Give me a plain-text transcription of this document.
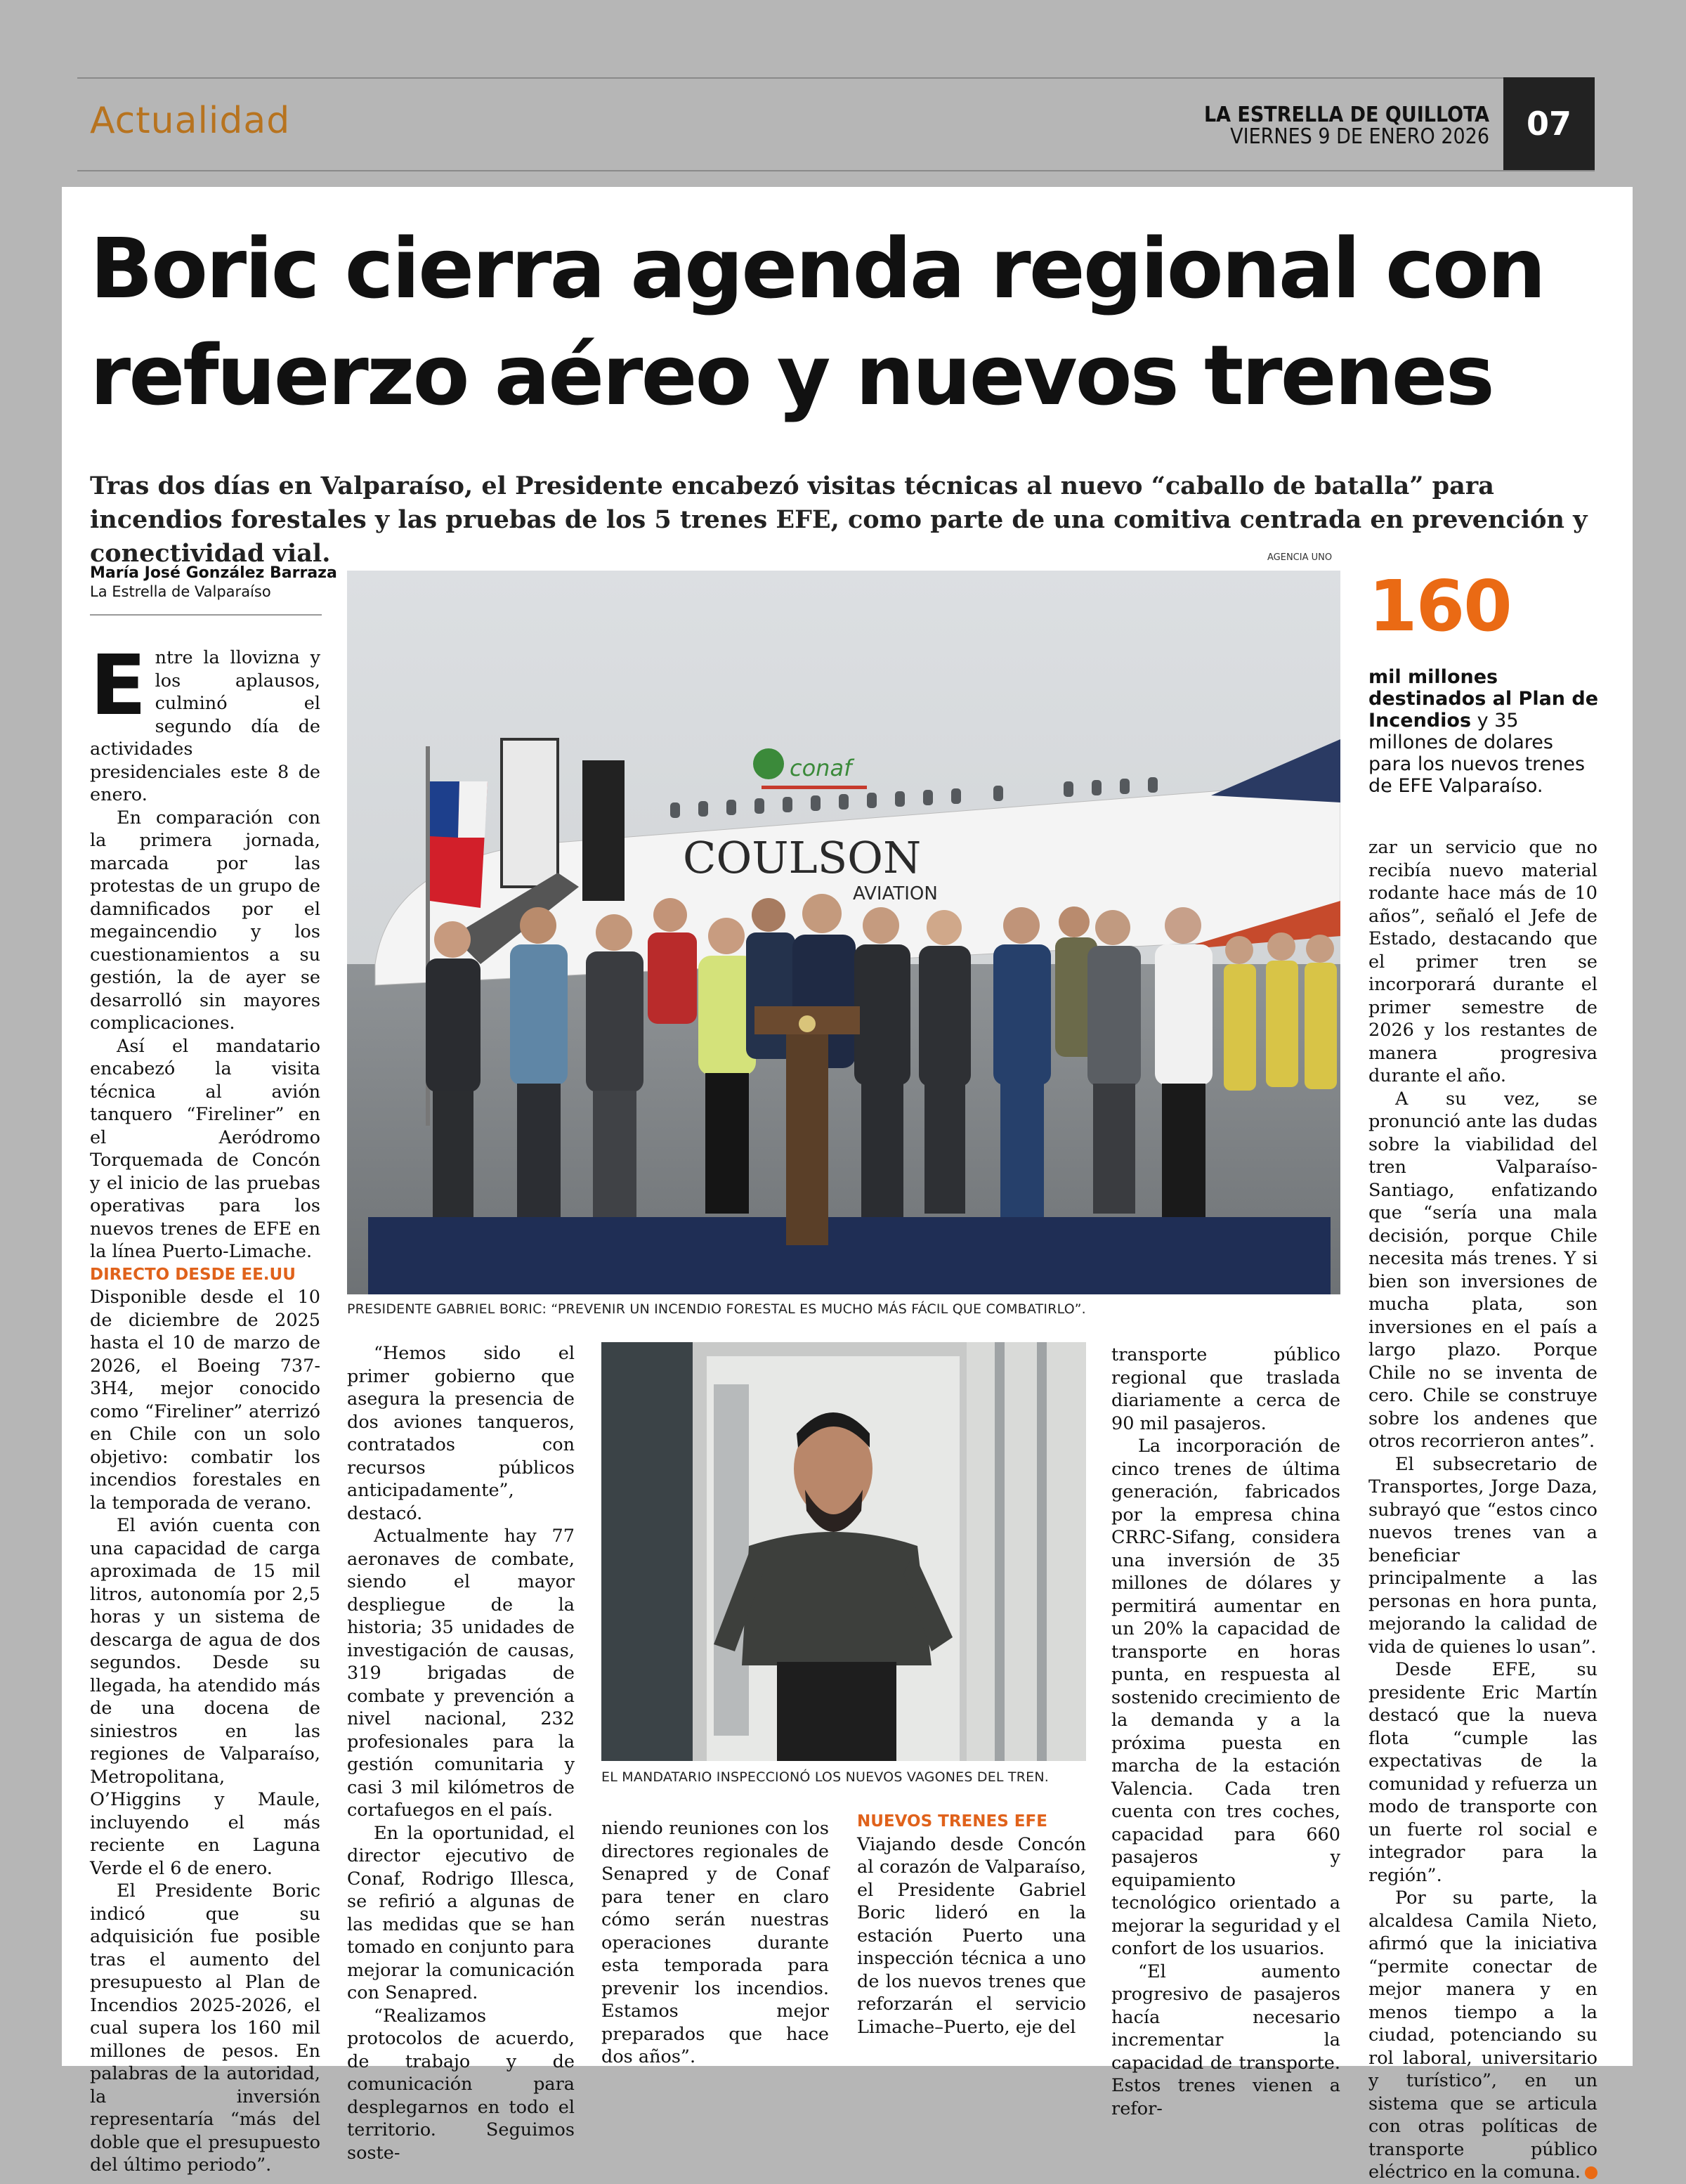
Actualidad	LA ESTRELLA DE QUILLOTA
VIERNES 9 DE ENERO 2026	07
Boric cierra agenda regional con
refuerzo aéreo y nuevos trenes
Tras dos días en Valparaíso, el Presidente encabezó visitas técnicas al nuevo “caballo de batalla” para incendios forestales y las pruebas de los 5 trenes EFE, como parte de una comitiva centrada en prevención y conectividad vial.
María José González Barraza
La Estrella de Valparaíso
AGENCIA UNO
160
mil millones destinados al Plan de Incendios y 35 millones de dolares para los nuevos trenes de EFE Valparaíso.
COULSON
AVIATION
conaf
PRESIDENTE GABRIEL BORIC: “PREVENIR UN INCENDIO FORESTAL ES MUCHO MÁS FÁCIL QUE COMBATIRLO”.
EL MANDATARIO INSPECCIONÓ LOS NUEVOS VAGONES DEL TREN.

Entre la llovizna y los aplausos, culminó el segundo día de actividades presidenciales este 8 de enero.

En comparación con la primera jornada, marcada por las protestas de un grupo de damnificados por el megaincendio y los cuestionamientos a su gestión, la de ayer se desarrolló sin mayores complicaciones.

Así el mandatario encabezó la visita técnica al avión tanquero “Fireliner” en el Aeródromo Torquemada de Concón y el inicio de las pruebas operativas para los nuevos trenes de EFE en la línea Puerto-Limache.

DIRECTO DESDE EE.UU

Disponible desde el 10 de diciembre de 2025 hasta el 10 de marzo de 2026, el Boeing 737-3H4, mejor conocido como “Fireliner” aterrizó en Chile con un solo objetivo: combatir los incendios forestales en la temporada de verano.

El avión cuenta con una capacidad de carga aproximada de 15 mil litros, autonomía por 2,5 horas y un sistema de descarga de agua de dos segundos. Desde su llegada, ha atendido más de una docena de siniestros en las regiones de Valparaíso, Metropolitana, O’Higgins y Maule, incluyendo el más reciente en Laguna Verde el 6 de enero.

El Presidente Boric indicó que su adquisición fue posible tras el aumento del presupuesto al Plan de Incendios 2025-2026, el cual supera los 160 mil millones de pesos. En palabras de la autoridad, la inversión representaría “más del doble que el presupuesto del último periodo”.

“Hemos sido el primer gobierno que asegura la presencia de dos aviones tanqueros, contratados con recursos públicos anticipadamente”, destacó.

Actualmente hay 77 aeronaves de combate, siendo el mayor despliegue de la historia; 35 unidades de investigación de causas, 319 brigadas de combate y prevención a nivel nacional, 232 profesionales para la gestión comunitaria y casi 3 mil kilómetros de cortafuegos en el país.

En la oportunidad, el director ejecutivo de Conaf, Rodrigo Illesca, se refirió a algunas de las medidas que se han tomado en conjunto para mejorar la comunicación con Senapred.

“Realizamos protocolos de acuerdo, de trabajo y de comunicación para desplegarnos en todo el territorio. Seguimos soste-

niendo reuniones con los directores regionales de Senapred y de Conaf para tener en claro cómo serán nuestras operaciones durante esta temporada para prevenir los incendios. Estamos mejor preparados que hace dos años”.

NUEVOS TRENES EFE

Viajando desde Concón al corazón de Valparaíso, el Presidente Gabriel Boric lideró en la estación Puerto una inspección técnica a uno de los nuevos trenes que reforzarán el servicio Limache–Puerto, eje del

transporte público regional que traslada diariamente a cerca de 90 mil pasajeros.

La incorporación de cinco trenes de última generación, fabricados por la empresa china CRRC-Sifang, considera una inversión de 35 millones de dólares y permitirá aumentar en un 20% la capacidad de transporte en horas punta, en respuesta al sostenido crecimiento de la demanda y a la próxima puesta en marcha de la estación Valencia. Cada tren cuenta con tres coches, capacidad para 660 pasajeros y equipamiento tecnológico orientado a mejorar la seguridad y el confort de los usuarios.

“El aumento progresivo de pasajeros hacía necesario incrementar la capacidad de transporte. Estos trenes vienen a refor-

zar un servicio que no recibía nuevo material rodante hace más de 10 años”, señaló el Jefe de Estado, destacando que el primer tren se incorporará durante el primer semestre de 2026 y los restantes de manera progresiva durante el año.

A su vez, se pronunció ante las dudas sobre la viabilidad del tren Valparaíso-Santiago, enfatizando que “sería una mala decisión, porque Chile necesita más trenes. Y si bien son inversiones de mucha plata, son inversiones en el país a largo plazo. Porque Chile no se inventa de cero. Chile se construye sobre los andenes que otros recorrieron antes”.

El subsecretario de Transportes, Jorge Daza, subrayó que “estos cinco nuevos trenes van a beneficiar principalmente a las personas en hora punta, mejorando la calidad de vida de quienes lo usan”.

Desde EFE, su presidente Eric Martín destacó que la nueva flota “cumple las expectativas de la comunidad y refuerza un modo de transporte con un fuerte rol social e integrador para la región”.

Por su parte, la alcaldesa Camila Nieto, afirmó que la iniciativa “permite conectar de mejor manera y en menos tiempo a la ciudad, potenciando su rol laboral, universitario y turístico”, en un sistema que se articula con otras políticas de transporte público eléctrico en la comuna.
